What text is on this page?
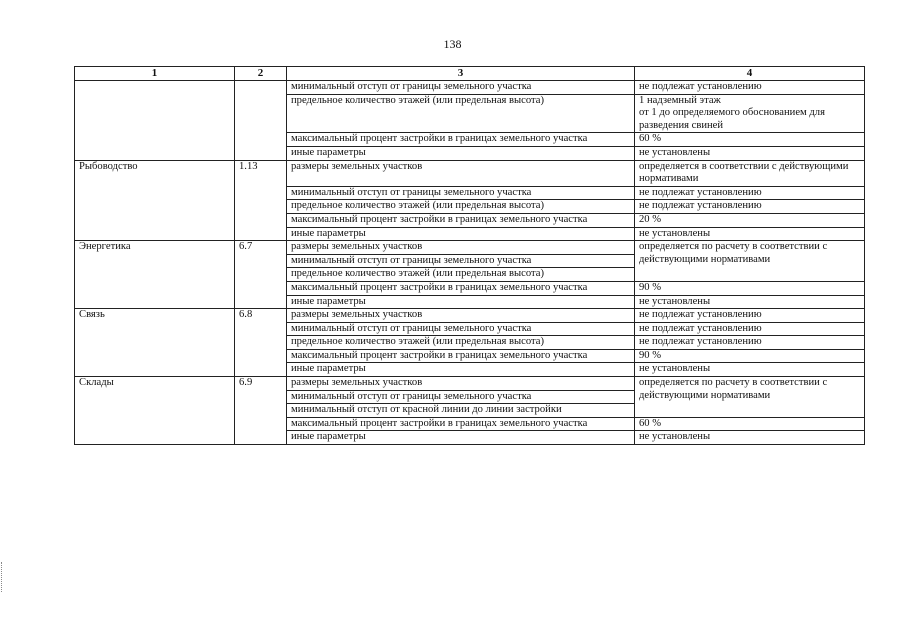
138
1	2	3	4
		минимальный отступ от границы земельного участка	не подлежат установлению
		предельное количество этажей (или предельная высота)	1 надземный этаж
от 1 до определяемого обоснованием для разведения свиней
		максимальный процент застройки в границах земельного участка	60 %
		иные параметры	не установлены
Рыбоводство	1.13	размеры земельных участков	определяется в соответствии с действующими нормативами
		минимальный отступ от границы земельного участка	не подлежат установлению
		предельное количество этажей (или предельная высота)	не подлежат установлению
		максимальный процент застройки в границах земельного участка	20 %
		иные параметры	не установлены
Энергетика	6.7	размеры земельных участков	определяется по расчету в соответствии с действующими нормативами
		минимальный отступ от границы земельного участка	
		предельное количество этажей (или предельная высота)	
		максимальный процент застройки в границах земельного участка	90 %
		иные параметры	не установлены
Связь	6.8	размеры земельных участков	не подлежат установлению
		минимальный отступ от границы земельного участка	не подлежат установлению
		предельное количество этажей (или предельная высота)	не подлежат установлению
		максимальный процент застройки в границах земельного участка	90 %
		иные параметры	не установлены
Склады	6.9	размеры земельных участков	определяется по расчету в соответствии с действующими нормативами
		минимальный отступ от границы земельного участка	
		минимальный отступ от красной линии до линии застройки	
		максимальный процент застройки в границах земельного участка	60 %
		иные параметры	не установлены
